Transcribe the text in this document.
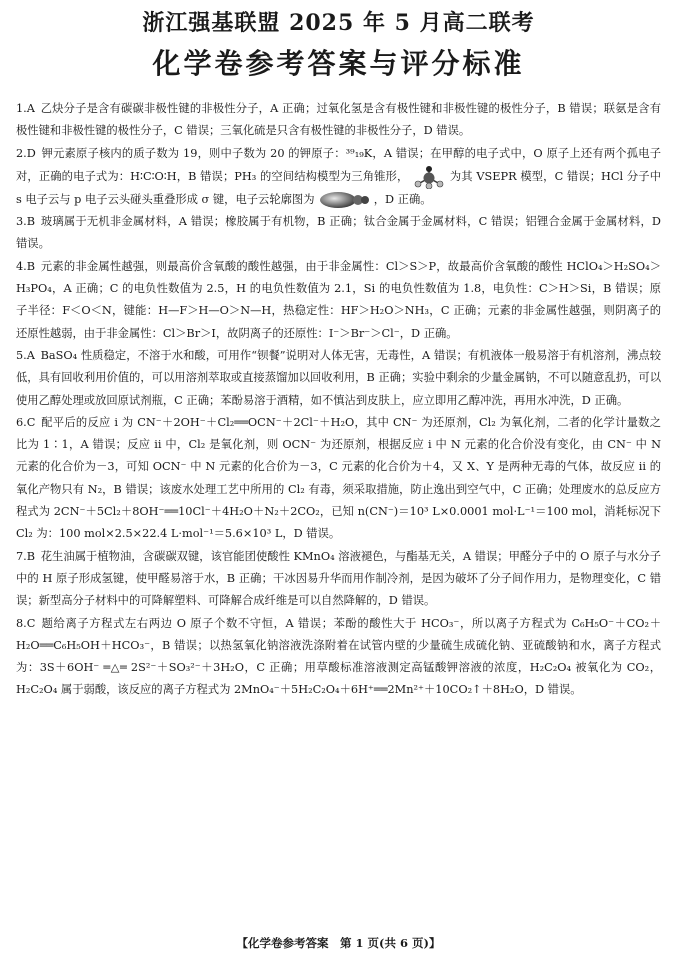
浙江强基联盟 2025 年 5 月高二联考
化学卷参考答案与评分标准

1.A 乙炔分子是含有碳碳非极性键的非极性分子，A 正确；过氧化氢是含有极性键和非极性键的极性分子，B 错误；联氨是含有极性键和非极性键的极性分子，C 错误；三氧化硫是只含有极性键的非极性分子，D 错误。

2.D 钾元素原子核内的质子数为 19，则中子数为 20 的钾原子：³⁹₁₉K，A 错误；在甲醇的电子式中，O 原子上还有两个孤电子对，正确的电子式为：H∶C∶O∶H，B 错误；PH₃ 的空间结构模型为三角锥形，	为其 VSEPR 模型，C 错误；HCl 分子中 s 电子云与 p 电子云头碰头重叠形成 σ 键，电子云轮廓图为	，D 正确。

3.B 玻璃属于无机非金属材料，A 错误；橡胶属于有机物，B 正确；钛合金属于金属材料，C 错误；铝锂合金属于金属材料，D 错误。

4.B 元素的非金属性越强，则最高价含氧酸的酸性越强，由于非金属性：Cl＞S＞P，故最高价含氧酸的酸性 HClO₄＞H₂SO₄＞H₃PO₄，A 正确；C 的电负性数值为 2.5，H 的电负性数值为 2.1，Si 的电负性数值为 1.8，电负性：C＞H＞Si，B 错误；原子半径：F＜O＜N，键能：H—F＞H—O＞N—H，热稳定性：HF＞H₂O＞NH₃，C 正确；元素的非金属性越强，则阴离子的还原性越弱，由于非金属性：Cl＞Br＞I，故阴离子的还原性：I⁻＞Br⁻＞Cl⁻，D 正确。

5.A BaSO₄ 性质稳定，不溶于水和酸，可用作“钡餐”说明对人体无害，无毒性，A 错误；有机液体一般易溶于有机溶剂，沸点较低，具有回收利用价值的，可以用溶剂萃取或直接蒸馏加以回收利用，B 正确；实验中剩余的少量金属钠，不可以随意乱扔，可以使用乙醇处理或放回原试剂瓶，C 正确；苯酚易溶于酒精，如不慎沾到皮肤上，应立即用乙醇冲洗，再用水冲洗，D 正确。

6.C 配平后的反应 i 为 CN⁻＋2OH⁻＋Cl₂══OCN⁻＋2Cl⁻＋H₂O，其中 CN⁻ 为还原剂，Cl₂ 为氧化剂，二者的化学计量数之比为 1∶1，A 错误；反应 ii 中，Cl₂ 是氧化剂，则 OCN⁻ 为还原剂，根据反应 i 中 N 元素的化合价没有变化，由 CN⁻ 中 N 元素的化合价为－3，可知 OCN⁻ 中 N 元素的化合价为－3，C 元素的化合价为＋4，又 X、Y 是两种无毒的气体，故反应 ii 的氧化产物只有 N₂，B 错误；该废水处理工艺中所用的 Cl₂ 有毒，须采取措施，防止逸出到空气中，C 正确；处理废水的总反应方程式为 2CN⁻＋5Cl₂＋8OH⁻══10Cl⁻＋4H₂O＋N₂＋2CO₂，已知 n(CN⁻)＝10³ L×0.0001 mol·L⁻¹＝100 mol，消耗标况下 Cl₂ 为：100 mol×2.5×22.4 L·mol⁻¹＝5.6×10³ L，D 错误。

7.B 花生油属于植物油，含碳碳双键，该官能团使酸性 KMnO₄ 溶液褪色，与酯基无关，A 错误；甲醛分子中的 O 原子与水分子中的 H 原子形成氢键，使甲醛易溶于水，B 正确；干冰因易升华而用作制冷剂，是因为破坏了分子间作用力，是物理变化，C 错误；新型高分子材料中的可降解塑料、可降解合成纤维是可以自然降解的，D 错误。

8.C 题给离子方程式左右两边 O 原子个数不守恒，A 错误；苯酚的酸性大于 HCO₃⁻，所以离子方程式为 C₆H₅O⁻＋CO₂＋H₂O══C₆H₅OH＋HCO₃⁻，B 错误；以热氢氧化钠溶液洗涤附着在试管内壁的少量硫生成硫化钠、亚硫酸钠和水，离子方程式为：3S＋6OH⁻ ═△═ 2S²⁻＋SO₃²⁻＋3H₂O，C 正确；用草酸标准溶液测定高锰酸钾溶液的浓度，H₂C₂O₄ 被氧化为 CO₂，H₂C₂O₄ 属于弱酸，该反应的离子方程式为 2MnO₄⁻＋5H₂C₂O₄＋6H⁺══2Mn²⁺＋10CO₂↑＋8H₂O，D 错误。

【化学卷参考答案　第 1 页(共 6 页)】
